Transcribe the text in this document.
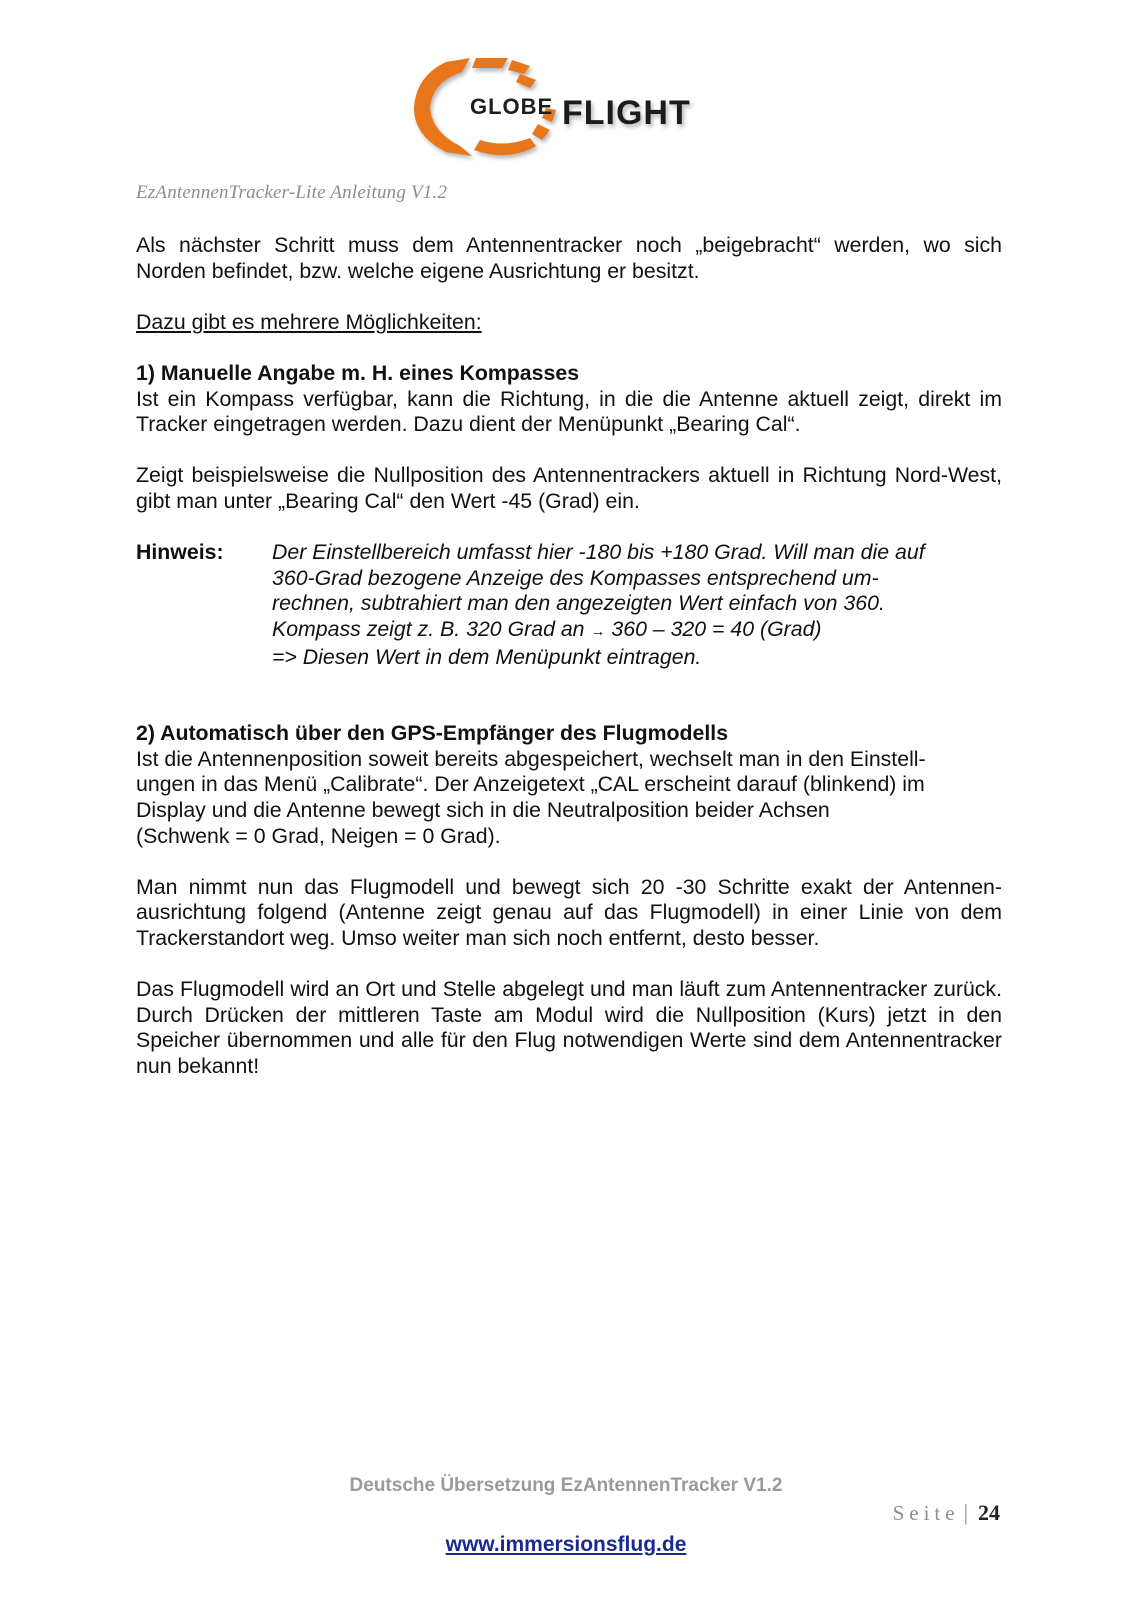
GLOBE FLIGHT
EzAntennenTracker-Lite Anleitung V1.2

Als nächster Schritt muss dem Antennentracker noch „beigebracht“ werden, wo sich Norden befindet, bzw. welche eigene Ausrichtung er besitzt.

Dazu gibt es mehrere Möglichkeiten:

1) Manuelle Angabe m. H. eines Kompasses

Ist ein Kompass verfügbar, kann die Richtung, in die die Antenne aktuell zeigt, direkt im Tracker eingetragen werden. Dazu dient der Menüpunkt „Bearing Cal“.

Zeigt beispielsweise die Nullposition des Antennentrackers aktuell in Richtung Nord-West, gibt man unter „Bearing Cal“ den Wert -45 (Grad) ein.

Hinweis:	Der Einstellbereich umfasst hier -180 bis +180 Grad. Will man die auf
360-Grad bezogene Anzeige des Kompasses entsprechend um-
rechnen, subtrahiert man den angezeigten Wert einfach von 360.
Kompass zeigt z. B. 320 Grad an → 360 – 320 = 40 (Grad)
=> Diesen Wert in dem Menüpunkt eintragen.

2) Automatisch über den GPS-Empfänger des Flugmodells

Ist die Antennenposition soweit bereits abgespeichert, wechselt man in den Einstell-

ungen in das Menü „Calibrate“. Der Anzeigetext „CAL erscheint darauf (blinkend) im

Display und die Antenne bewegt sich in die Neutralposition beider Achsen

(Schwenk = 0 Grad, Neigen = 0 Grad).

Man nimmt nun das Flugmodell und bewegt sich 20 -30 Schritte exakt der Antennen-ausrichtung folgend (Antenne zeigt genau auf das Flugmodell) in einer Linie von dem Trackerstandort weg. Umso weiter man sich noch entfernt, desto besser.

Das Flugmodell wird an Ort und Stelle abgelegt und man läuft zum Antennentracker zurück. Durch Drücken der mittleren Taste am Modul wird die Nullposition (Kurs) jetzt in den Speicher übernommen und alle für den Flug notwendigen Werte sind dem Antennentracker nun bekannt!

Deutsche Übersetzung EzAntennenTracker V1.2
Seite | 24
www.immersionsflug.de
